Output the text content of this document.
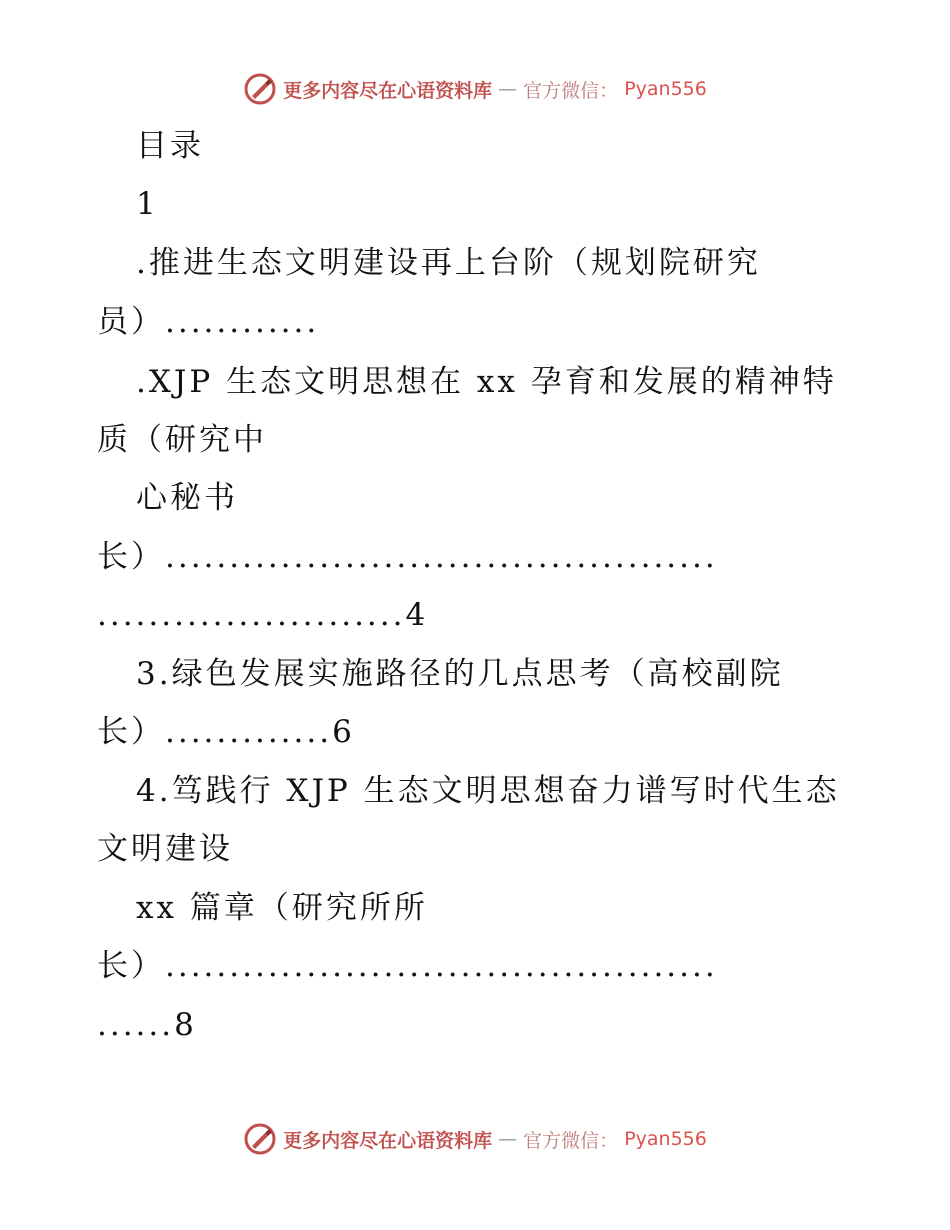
更多内容尽在心语资料库 — 官方微信： Pyan556
目录
1
.推进生态文明建设再上台阶（规划院研究
员）............
.XJP 生态文明思想在 xx 孕育和发展的精神特
质（研究中
心秘书
长）...........................................
........................4
3.绿色发展实施路径的几点思考（高校副院
长）.............6
4.笃践行 XJP 生态文明思想奋力谱写时代生态
文明建设
xx 篇章（研究所所
长）...........................................
......8
更多内容尽在心语资料库 — 官方微信： Pyan556
